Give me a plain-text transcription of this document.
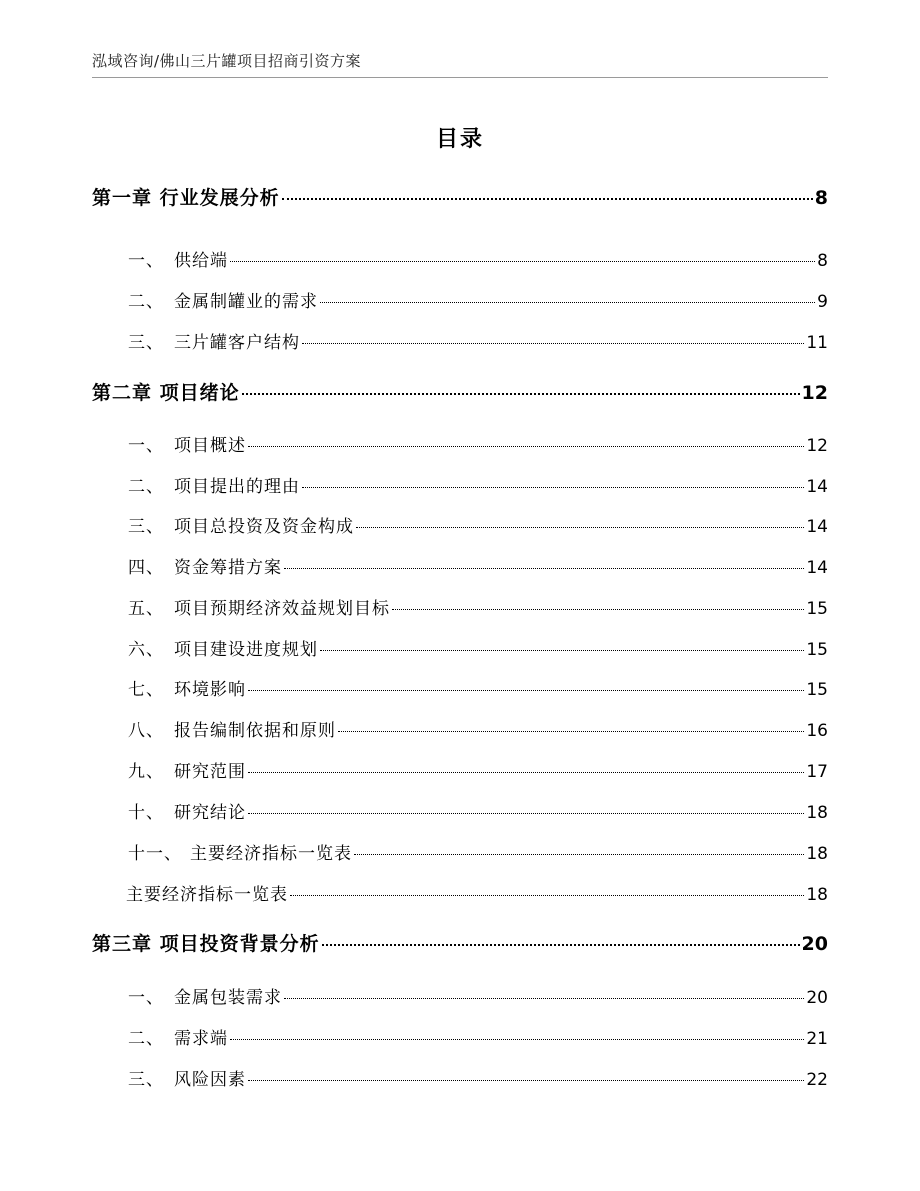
泓域咨询/佛山三片罐项目招商引资方案
目录
第一章 行业发展分析	8
一、 供给端	8
二、 金属制罐业的需求	9
三、 三片罐客户结构	11
第二章 项目绪论	12
一、 项目概述	12
二、 项目提出的理由	14
三、 项目总投资及资金构成	14
四、 资金筹措方案	14
五、 项目预期经济效益规划目标	15
六、 项目建设进度规划	15
七、 环境影响	15
八、 报告编制依据和原则	16
九、 研究范围	17
十、 研究结论	18
十一、 主要经济指标一览表	18
主要经济指标一览表	18
第三章 项目投资背景分析	20
一、 金属包装需求	20
二、 需求端	21
三、 风险因素	22
